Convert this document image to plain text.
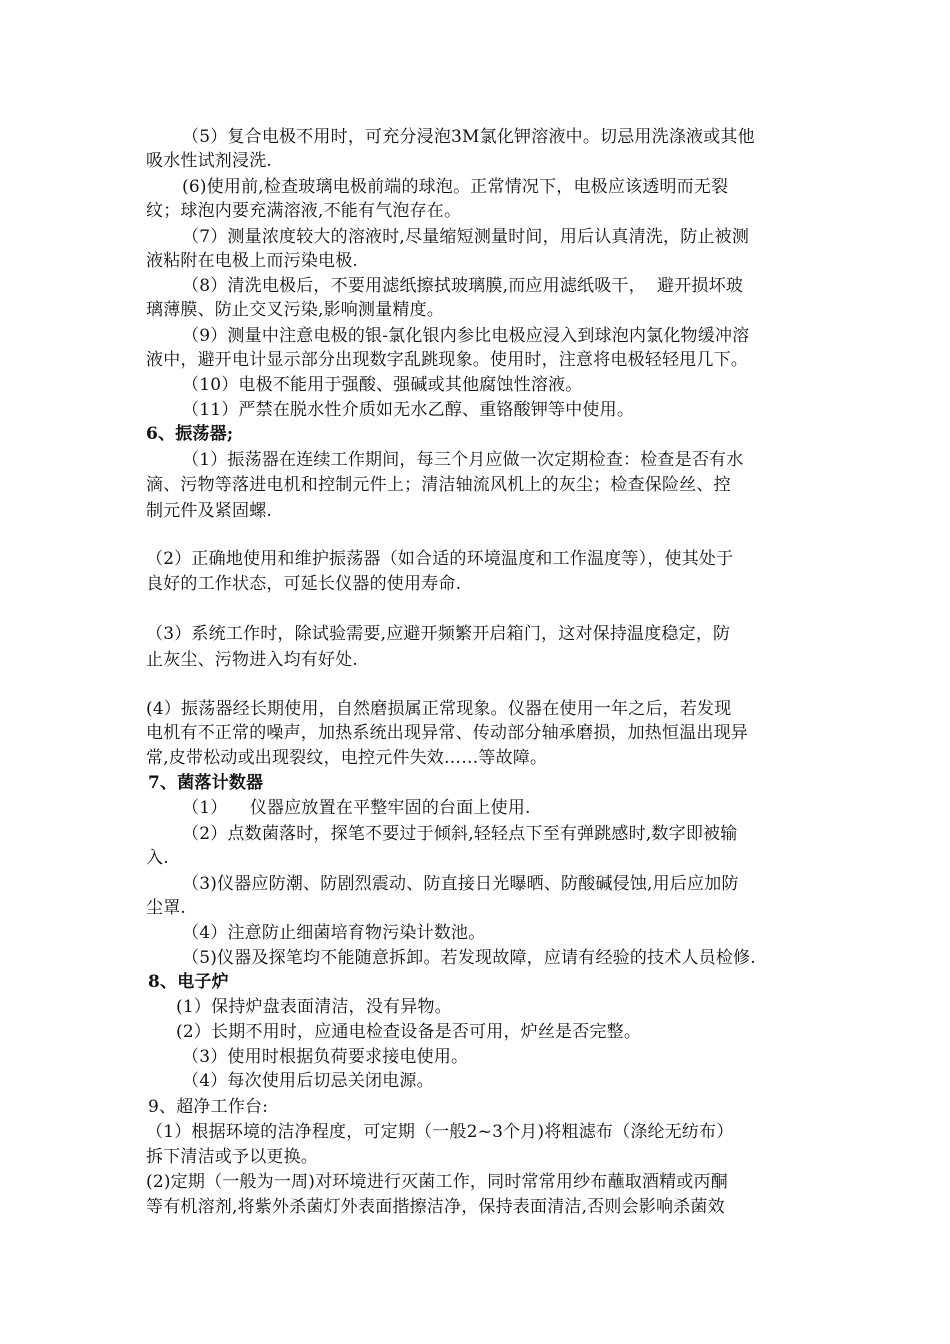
（5）复合电极不用时，可充分浸泡3M氯化钾溶液中。切忌用洗涤液或其他
吸水性试剂浸洗.
(6)使用前,检查玻璃电极前端的球泡。正常情况下，电极应该透明而无裂
纹；球泡内要充满溶液,不能有气泡存在。
（7）测量浓度较大的溶液时,尽量缩短测量时间，用后认真清洗，防止被测
液粘附在电极上而污染电极.
（8）清洗电极后，不要用滤纸擦拭玻璃膜,而应用滤纸吸干，  避开损坏玻
璃薄膜、防止交叉污染,影响测量精度。
（9）测量中注意电极的银-氯化银内参比电极应浸入到球泡内氯化物缓冲溶
液中，避开电计显示部分出现数字乱跳现象。使用时，注意将电极轻轻甩几下。
（10）电极不能用于强酸、强碱或其他腐蚀性溶液。
（11）严禁在脱水性介质如无水乙醇、重铬酸钾等中使用。
6、振荡器;
（1）振荡器在连续工作期间，每三个月应做一次定期检查：检查是否有水
滴、污物等落进电机和控制元件上；清洁轴流风机上的灰尘；检查保险丝、控
制元件及紧固螺.
（2）正确地使用和维护振荡器（如合适的环境温度和工作温度等），使其处于
良好的工作状态，可延长仪器的使用寿命.
（3）系统工作时，除试验需要,应避开频繁开启箱门，这对保持温度稳定，防
止灰尘、污物进入均有好处.
(4）振荡器经长期使用，自然磨损属正常现象。仪器在使用一年之后，若发现
电机有不正常的噪声，加热系统出现异常、传动部分轴承磨损，加热恒温出现异
常,皮带松动或出现裂纹，电控元件失效……等故障。
7、菌落计数器
（1）    仪器应放置在平整牢固的台面上使用.
（2）点数菌落时，探笔不要过于倾斜,轻轻点下至有弹跳感时,数字即被输
入.
（3)仪器应防潮、防剧烈震动、防直接日光曝晒、防酸碱侵蚀,用后应加防
尘罩.
（4）注意防止细菌培育物污染计数池。
（5)仪器及探笔均不能随意拆卸。若发现故障，应请有经验的技术人员检修.
8、电子炉
(1）保持炉盘表面清洁，没有异物。
(2）长期不用时，应通电检查设备是否可用，炉丝是否完整。
（3）使用时根据负荷要求接电使用。
（4）每次使用后切忌关闭电源。
9、超净工作台:
（1）根据环境的洁净程度，可定期（一般2~3个月)将粗滤布（涤纶无纺布）
拆下清洁或予以更换。
(2)定期（一般为一周)对环境进行灭菌工作，同时常常用纱布蘸取酒精或丙酮
等有机溶剂,将紫外杀菌灯外表面揩擦洁净，保持表面清洁,否则会影响杀菌效
